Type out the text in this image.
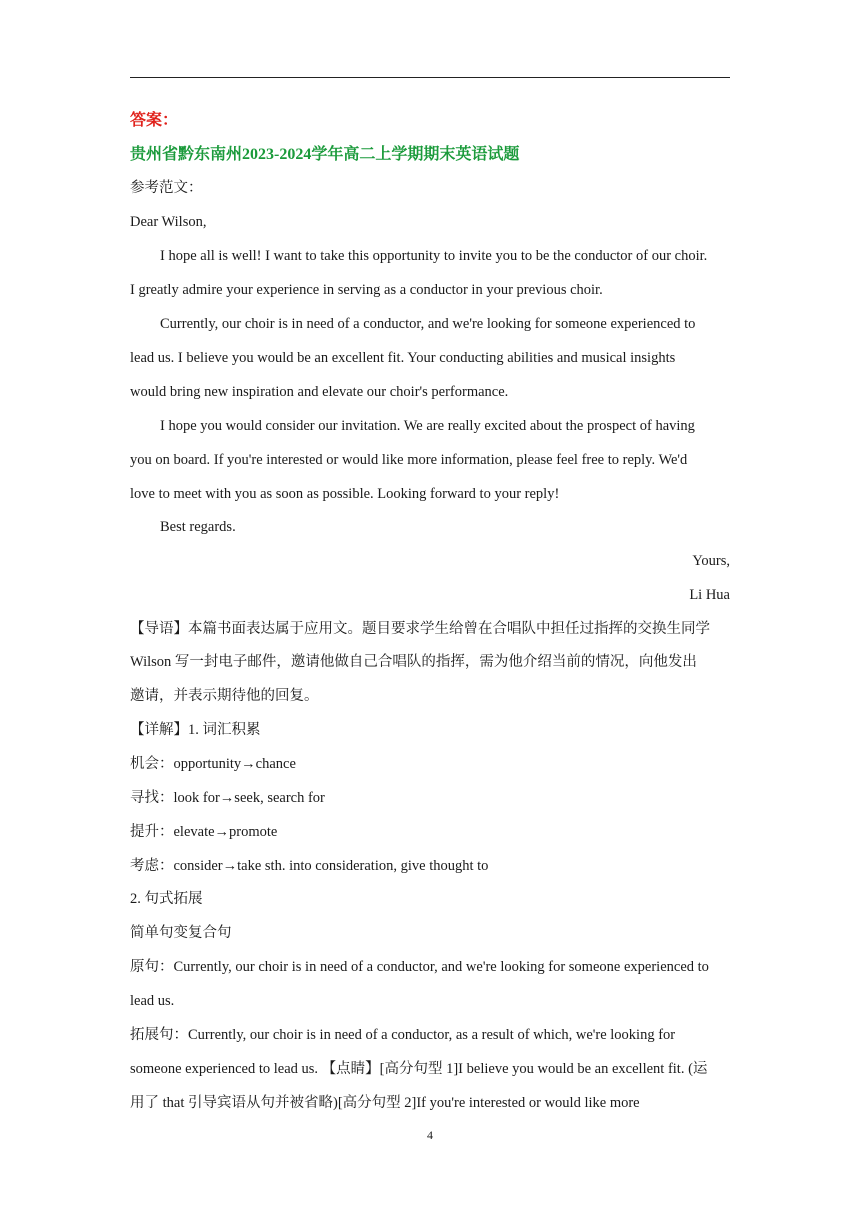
答案：
贵州省黔东南州2023-2024学年高二上学期期末英语试题
参考范文：
Dear Wilson,
I hope all is well! I want to take this opportunity to invite you to be the conductor of our choir.
I greatly admire your experience in serving as a conductor in your previous choir.
Currently, our choir is in need of a conductor, and we're looking for someone experienced to
lead us. I believe you would be an excellent fit. Your conducting abilities and musical insights
would bring new inspiration and elevate our choir's performance.
I hope you would consider our invitation. We are really excited about the prospect of having
you on board. If you're interested or would like more information, please feel free to reply. We'd
love to meet with you as soon as possible. Looking forward to your reply!
Best regards.
Yours,
Li Hua
【导语】本篇书面表达属于应用文。题目要求学生给曾在合唱队中担任过指挥的交换生同学
Wilson 写一封电子邮件，邀请他做自己合唱队的指挥，需为他介绍当前的情况，向他发出
邀请，并表示期待他的回复。
【详解】1. 词汇积累
机会：opportunity→chance
寻找：look for→seek, search for
提升：elevate→promote
考虑：consider→take sth. into consideration, give thought to
2. 句式拓展
简单句变复合句
原句：Currently, our choir is in need of a conductor, and we're looking for someone experienced to
lead us.
拓展句：Currently, our choir is in need of a conductor, as a result of which, we're looking for
someone experienced to lead us. 【点睛】[高分句型 1]I believe you would be an excellent fit. (运
用了 that 引导宾语从句并被省略)[高分句型 2]If you're interested or would like more
4
